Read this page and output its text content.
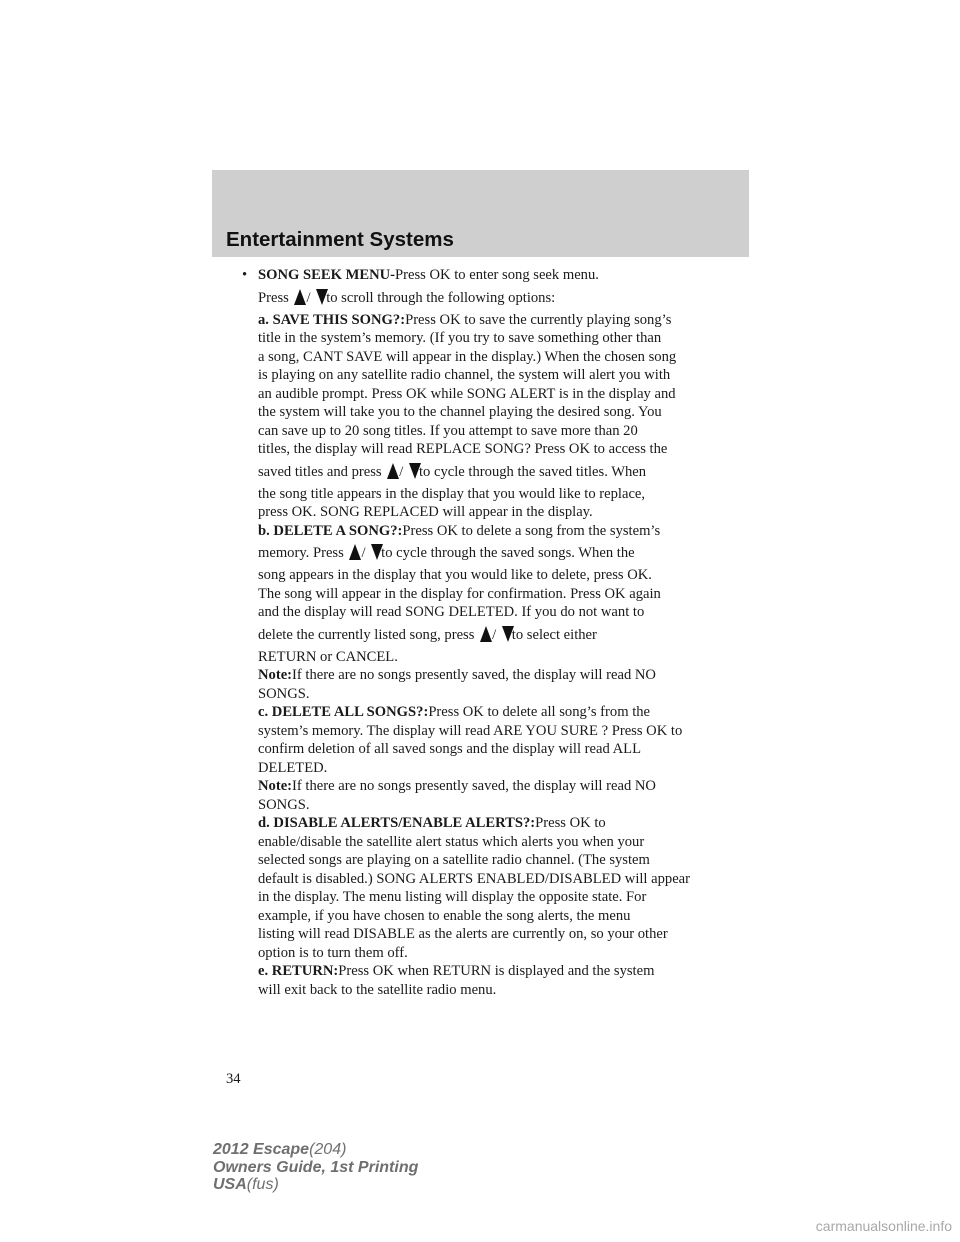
Entertainment Systems

• SONG SEEK MENU-Press OK to enter song seek menu.

Press / to scroll through the following options:

a. SAVE THIS SONG?:Press OK to save the currently playing song’s

title in the system’s memory. (If you try to save something other than

a song, CANT SAVE will appear in the display.) When the chosen song

is playing on any satellite radio channel, the system will alert you with

an audible prompt. Press OK while SONG ALERT is in the display and

the system will take you to the channel playing the desired song. You

can save up to 20 song titles. If you attempt to save more than 20

titles, the display will read REPLACE SONG? Press OK to access the

saved titles and press / to cycle through the saved titles. When

the song title appears in the display that you would like to replace,

press OK. SONG REPLACED will appear in the display.

b. DELETE A SONG?:Press OK to delete a song from the system’s

memory. Press / to cycle through the saved songs. When the

song appears in the display that you would like to delete, press OK.

The song will appear in the display for confirmation. Press OK again

and the display will read SONG DELETED. If you do not want to

delete the currently listed song, press / to select either

RETURN or CANCEL.

Note:If there are no songs presently saved, the display will read NO

SONGS.

c. DELETE ALL SONGS?:Press OK to delete all song’s from the

system’s memory. The display will read ARE YOU SURE ? Press OK to

confirm deletion of all saved songs and the display will read ALL

DELETED.

Note:If there are no songs presently saved, the display will read NO

SONGS.

d. DISABLE ALERTS/ENABLE ALERTS?:Press OK to

enable/disable the satellite alert status which alerts you when your

selected songs are playing on a satellite radio channel. (The system

default is disabled.) SONG ALERTS ENABLED/DISABLED will appear

in the display. The menu listing will display the opposite state. For

example, if you have chosen to enable the song alerts, the menu

listing will read DISABLE as the alerts are currently on, so your other

option is to turn them off.

e. RETURN:Press OK when RETURN is displayed and the system

will exit back to the satellite radio menu.

34
2012 Escape(204)
Owners Guide, 1st Printing
USA(fus)
carmanualsonline.info
